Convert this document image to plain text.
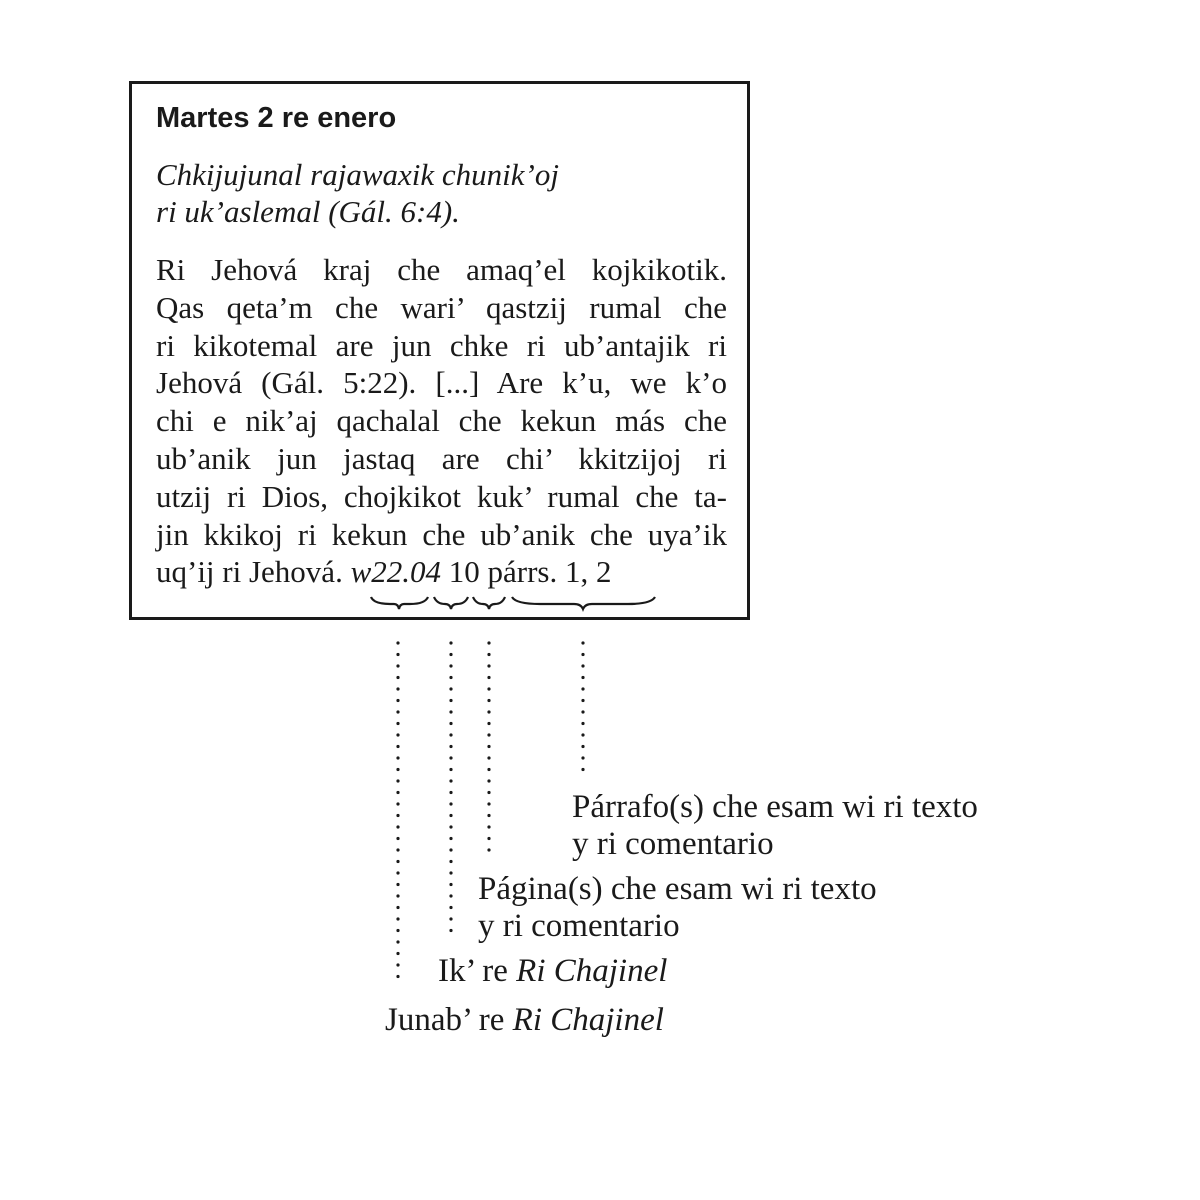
Martes 2 re enero
Chkijujunal rajawaxik chunik’oj
ri uk’aslemal (Gál. 6:4).
Ri Jehová kraj che amaq’el kojkikotik.
Qas qeta’m che wari’ qastzij rumal che
ri kikotemal are jun chke ri ub’antajik ri
Jehová (Gál. 5:22). [...] Are k’u, we k’o
chi e nik’aj qachalal che kekun más che
ub’anik jun jastaq are chi’ kkitzijoj ri
utzij ri Dios, chojkikot kuk’ rumal che ta-
jin kkikoj ri kekun che ub’anik che uya’ik
uq’ij ri Jehová. w22.04 10 párrs. 1, 2
Párrafo(s) che esam wi ri texto
y ri comentario
Página(s) che esam wi ri texto
y ri comentario
Ik’ re Ri Chajinel
Junab’ re Ri Chajinel
